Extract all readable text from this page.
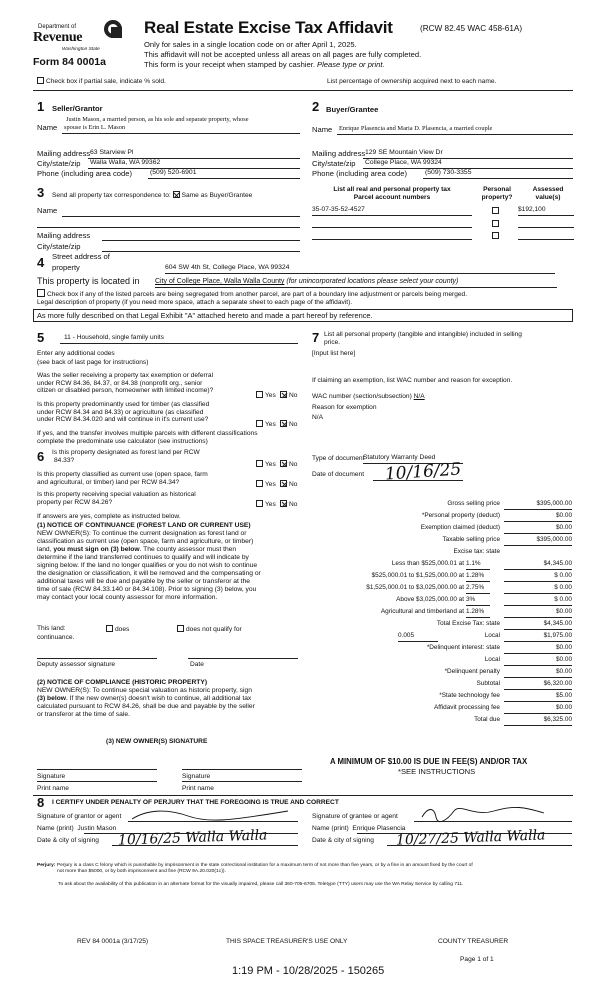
Department of
Revenue
Washington State
Form 84 0001a
Real Estate Excise Tax Affidavit	(RCW 82.45 WAC 458-61A)
Only for sales in a single location code on or after April 1, 2025.
This affidavit will not be accepted unless all areas on all pages are fully completed.
This form is your receipt when stamped by cashier. Please type or print.
Check box if partial sale, indicate % sold.	List percentage of ownership acquired next to each name.
1 Seller/Grantor
Justin Mason, a married person, as his sole and separate property, whose
Name	spouse is Erin L. Mason
Mailing address 63 Starview Pl
City/state/zip Walla Walla, WA 99362
Phone (including area code)	(509) 520-6901
2 Buyer/Grantee
Name	Enrique Plasencia and Maria D. Plasencia, a married couple
Mailing address 129 SE Mountain View Dr
City/state/zip College Place, WA 99324
Phone (including area code)	(509) 730-3355
3 Send all property tax correspondence to: Same as Buyer/Grantee
Name
Mailing address
City/state/zip
List all real and personal property tax
Parcel account numbers
Personal
property?
Assessed
value(s)
35-07-35-52-4527	$192,100
4 Street address of
property	604 SW 4th St, College Place, WA 99324
This property is located in City of College Place, Walla Walla County (for unincorporated locations please select your county)
Check box if any of the listed parcels are being segregated from another parcel, are part of a boundary line adjustment or parcels being merged.
Legal description of property (if you need more space, attach a separate sheet to each page of the affidavit).
As more fully described on that Legal Exhibit "A" attached hereto and made a part hereof by reference.
5	11 - Household, single family units
Enter any additional codes
(see back of last page for instructions)
Was the seller receiving a property tax exemption or deferral
under RCW 84.36, 84.37, or 84.38 (nonprofit org., senior
citizen or disabled person, homeowner with limited income)?
Yes	No
Is this property predominantly used for timber (as classified
under RCW 84.34 and 84.33) or agriculture (as classified
under RCW 84.34.020 and will continue in it's current use?
Yes	No
If yes, and the transfer involves multiple parcels with different classifications
complete the predominate use calculator (see instructions)
6 Is this property designated as forest land per RCW
84.33?
Yes	No
Is this property classified as current use (open space, farm
and agricultural, or timber) land per RCW 84.34?	Yes	No
Is this property receiving special valuation as historical
property per RCW 84.26?	Yes	No
If answers are yes, complete as instructed below.
(1) NOTICE OF CONTINUANCE (FOREST LAND OR CURRENT USE)
NEW OWNER(S): To continue the current designation as forest land or
classification as current use (open space, farm and agriculture, or timber)
land, you must sign on (3) below. The county assessor must then
determine if the land transferred continues to qualify and will indicate by
signing below. If the land no longer qualifies or you do not wish to continue
the designation or classification, it will be removed and the compensating or
additional taxes will be due and payable by the seller or transferor at the
time of sale (RCW 84.33.140 or 84.34.108). Prior to signing (3) below, you
may contact your local county assessor for more information.
This land:	does	does not qualify for
continuance.
Deputy assessor signature	Date
(2) NOTICE OF COMPLIANCE (HISTORIC PROPERTY)
NEW OWNER(S): To continue special valuation as historic property, sign
(3) below. If the new owner(s) doesn't wish to continue, all additional tax
calculated pursuant to RCW 84.26, shall be due and payable by the seller
or transferor at the time of sale.
(3) NEW OWNER(S) SIGNATURE
Signature	Signature
Print name	Print name
7 List all personal property (tangible and intangible) included in selling
price.
[Input list here]
If claiming an exemption, list WAC number and reason for exception.
WAC number (section/subsection) N/A
Reason for exemption
N/A
Type of document
Statutory Warranty Deed
Date of document 10/16/25
Gross selling price	$395,000.00
*Personal property (deduct)	$0.00
Exemption claimed (deduct)	$0.00
Taxable selling price	$395,000.00
Excise tax: state
Less than $525,000.01 at 1.1%	$4,345.00
$525,000.01 to $1,525,000.00 at 1.28%	$ 0.00
$1,525,000.01 to $3,025,000.00 at 2.75%	$ 0.00
Above $3,025,000.00 at 3%	$ 0.00
Agricultural and timberland at 1.28%	$0.00
Total Excise Tax: state	$4,345.00
0.005	Local	$1,975.00
*Delinquent interest: state	$0.00
Local	$0.00
*Delinquent penalty	$0.00
Subtotal	$6,320.00
*State technology fee	$5.00
Affidavit processing fee	$0.00
Total due	$6,325.00
A MINIMUM OF $10.00 IS DUE IN FEE(S) AND/OR TAX
*SEE INSTRUCTIONS
8 I CERTIFY UNDER PENALTY OF PERJURY THAT THE FOREGOING IS TRUE AND CORRECT
Signature of grantor or agent
Name (print) Justin Mason
Date & city of signing 10/16/25 Walla Walla
Signature of grantee or agent
Name (print) Enrique Plasencia
Date & city of signing 10/27/25 Walla Walla
Perjury: Perjury is a class C felony which is punishable by imprisonment in the state correctional institution for a maximum term of not more than five years, or by a fine in an amount fixed by the court of
not more than $5000, or by both imprisonment and fine (RCW 9A.20.020(1c)).
To ask about the availability of this publication in an alternate format for the visually impaired, please call 360-705-6705. Teletype (TTY) users may use the WA Relay Service by calling 711.
REV 84 0001a (3/17/25)	THIS SPACE TREASURER'S USE ONLY	COUNTY TREASURER
Page 1 of 1
1:19 PM - 10/28/2025 - 150265
